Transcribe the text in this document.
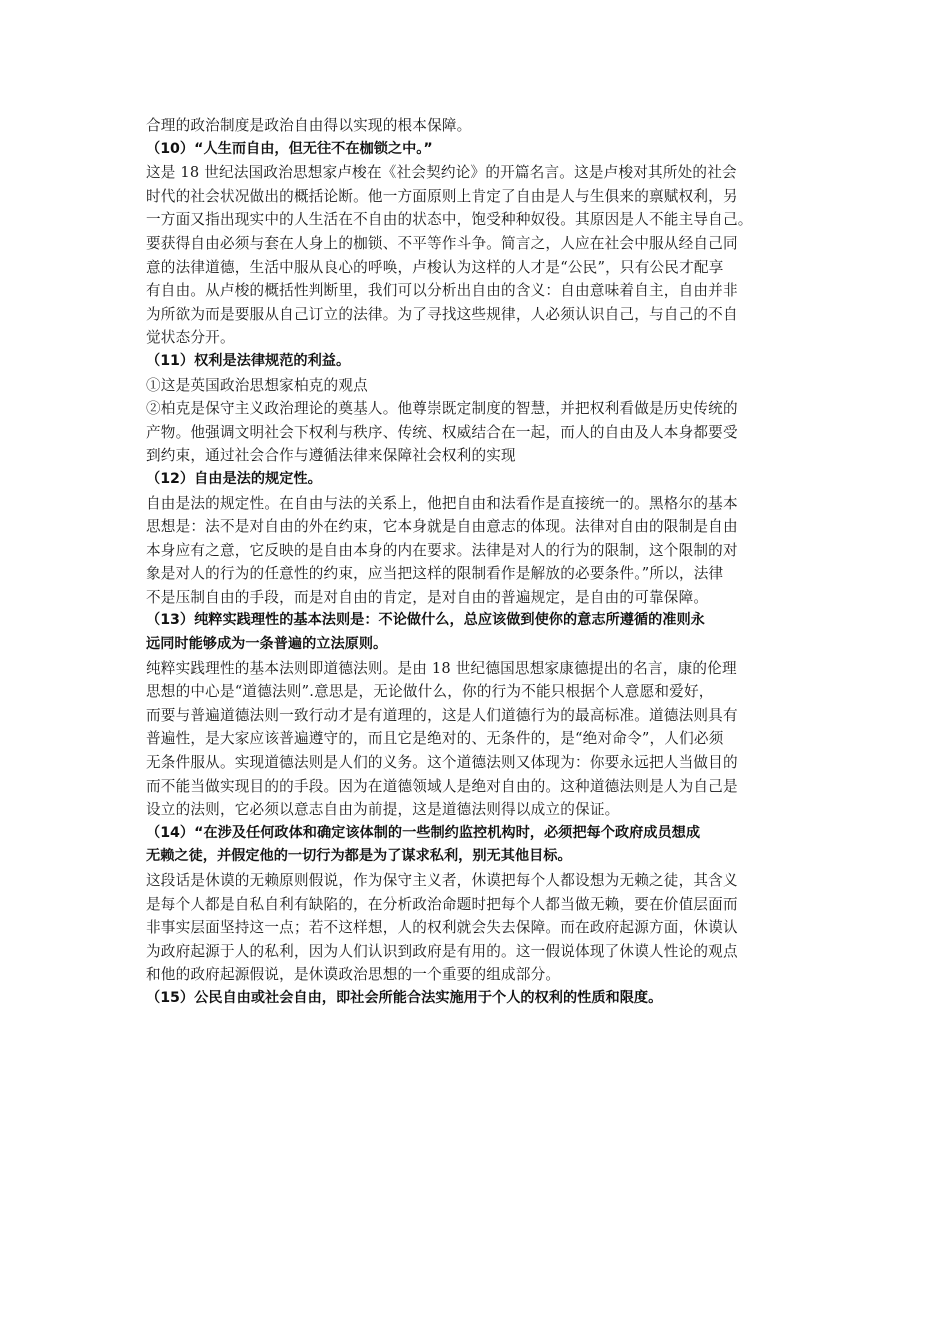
合理的政治制度是政治自由得以实现的根本保障。
（10）“人生而自由，但无往不在枷锁之中。”
这是 18 世纪法国政治思想家卢梭在《社会契约论》的开篇名言。这是卢梭对其所处的社会
时代的社会状况做出的概括论断。他一方面原则上肯定了自由是人与生俱来的禀赋权利，另
一方面又指出现实中的人生活在不自由的状态中，饱受种种奴役。其原因是人不能主导自己。
要获得自由必须与套在人身上的枷锁、不平等作斗争。简言之，人应在社会中服从经自己同
意的法律道德，生活中服从良心的呼唤，卢梭认为这样的人才是“公民”，只有公民才配享
有自由。从卢梭的概括性判断里，我们可以分析出自由的含义：自由意味着自主，自由并非
为所欲为而是要服从自己订立的法律。为了寻找这些规律，人必须认识自己，与自己的不自
觉状态分开。
（11）权利是法律规范的利益。
①这是英国政治思想家柏克的观点
②柏克是保守主义政治理论的奠基人。他尊崇既定制度的智慧，并把权利看做是历史传统的
产物。他强调文明社会下权利与秩序、传统、权威结合在一起，而人的自由及人本身都要受
到约束，通过社会合作与遵循法律来保障社会权利的实现
（12）自由是法的规定性。
自由是法的规定性。在自由与法的关系上，他把自由和法看作是直接统一的。黑格尔的基本
思想是：法不是对自由的外在约束，它本身就是自由意志的体现。法律对自由的限制是自由
本身应有之意，它反映的是自由本身的内在要求。法律是对人的行为的限制，这个限制的对
象是对人的行为的任意性的约束，应当把这样的限制看作是解放的必要条件。”所以，法律
不是压制自由的手段，而是对自由的肯定，是对自由的普遍规定，是自由的可靠保障。
（13）纯粹实践理性的基本法则是：不论做什么，总应该做到使你的意志所遵循的准则永
远同时能够成为一条普遍的立法原则。
纯粹实践理性的基本法则即道德法则。是由 18 世纪德国思想家康德提出的名言，康的伦理
思想的中心是“道德法则”.意思是，无论做什么，你的行为不能只根据个人意愿和爱好，
而要与普遍道德法则一致行动才是有道理的，这是人们道德行为的最高标准。道德法则具有
普遍性，是大家应该普遍遵守的，而且它是绝对的、无条件的，是“绝对命令”，人们必须
无条件服从。实现道德法则是人们的义务。这个道德法则又体现为：你要永远把人当做目的
而不能当做实现目的的手段。因为在道德领域人是绝对自由的。这种道德法则是人为自己是
设立的法则，它必须以意志自由为前提，这是道德法则得以成立的保证。
（14）“在涉及任何政体和确定该体制的一些制约监控机构时，必须把每个政府成员想成
无赖之徒，并假定他的一切行为都是为了谋求私利，别无其他目标。
这段话是休谟的无赖原则假说，作为保守主义者，休谟把每个人都设想为无赖之徒，其含义
是每个人都是自私自利有缺陷的，在分析政治命题时把每个人都当做无赖，要在价值层面而
非事实层面坚持这一点；若不这样想，人的权利就会失去保障。而在政府起源方面，休谟认
为政府起源于人的私利，因为人们认识到政府是有用的。这一假说体现了休谟人性论的观点
和他的政府起源假说，是休谟政治思想的一个重要的组成部分。
（15）公民自由或社会自由，即社会所能合法实施用于个人的权利的性质和限度。
